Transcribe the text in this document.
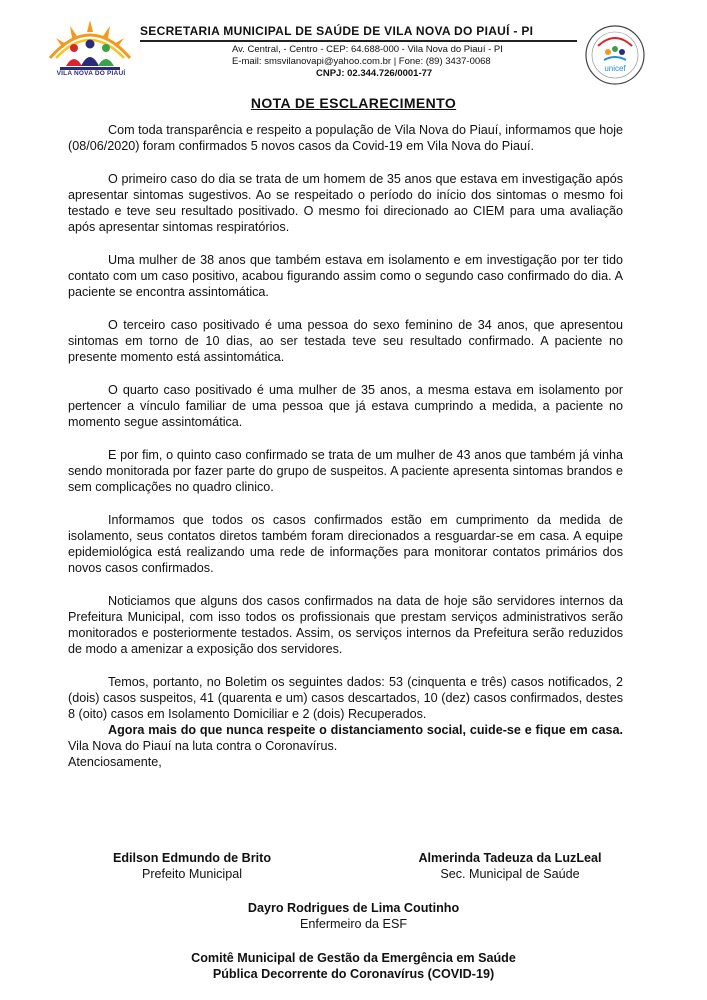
VILA NOVA DO PIAUÍ
SECRETARIA MUNICIPAL DE SAÚDE DE VILA NOVA DO PIAUÍ - PI
Av. Central, - Centro - CEP: 64.688-000 - Vila Nova do Piauí - PI
E-mail: smsvilanovapi@yahoo.com.br | Fone: (89) 3437-0068
CNPJ: 02.344.726/0001-77	unicef
NOTA DE ESCLARECIMENTO

Com toda transparência e respeito a população de Vila Nova do Piauí, informamos que hoje (08/06/2020) foram confirmados 5 novos casos da Covid-19 em Vila Nova do Piauí.

O primeiro caso do dia se trata de um homem de 35 anos que estava em investigação após apresentar sintomas sugestivos. Ao se respeitado o período do início dos sintomas o mesmo foi testado e teve seu resultado positivado. O mesmo foi direcionado ao CIEM para uma avaliação após apresentar sintomas respiratórios.

Uma mulher de 38 anos que também estava em isolamento e em investigação por ter tido contato com um caso positivo, acabou figurando assim como o segundo caso confirmado do dia. A paciente se encontra assintomática.

O terceiro caso positivado é uma pessoa do sexo feminino de 34 anos, que apresentou sintomas em torno de 10 dias, ao ser testada teve seu resultado confirmado. A paciente no presente momento está assintomática.

O quarto caso positivado é uma mulher de 35 anos, a mesma estava em isolamento por pertencer a vínculo familiar de uma pessoa que já estava cumprindo a medida, a paciente no momento segue assintomática.

E por fim, o quinto caso confirmado se trata de um mulher de 43 anos que também já vinha sendo monitorada por fazer parte do grupo de suspeitos. A paciente apresenta sintomas brandos e sem complicações no quadro clinico.

Informamos que todos os casos confirmados estão em cumprimento da medida de isolamento, seus contatos diretos também foram direcionados a resguardar-se em casa. A equipe epidemiológica está realizando uma rede de informações para monitorar contatos primários dos novos casos confirmados.

Noticiamos que alguns dos casos confirmados na data de hoje são servidores internos da Prefeitura Municipal, com isso todos os profissionais que prestam serviços administrativos serão monitorados e posteriormente testados. Assim, os serviços internos da Prefeitura serão reduzidos de modo a amenizar a exposição dos servidores.

Temos, portanto, no Boletim os seguintes dados: 53 (cinquenta e três) casos notificados, 2 (dois) casos suspeitos, 41 (quarenta e um) casos descartados, 10 (dez) casos confirmados, destes 8 (oito) casos em Isolamento Domiciliar e 2 (dois) Recuperados.

Agora mais do que nunca respeite o distanciamento social, cuide-se e fique em casa. Vila Nova do Piauí na luta contra o Coronavírus.

Atenciosamente,

Edilson Edmundo de Brito
Prefeito Municipal
Almerinda Tadeuza da LuzLeal
Sec. Municipal de Saúde
Dayro Rodrigues de Lima Coutinho
Enfermeiro da ESF
Comitê Municipal de Gestão da Emergência em Saúde
Pública Decorrente do Coronavírus (COVID-19)
